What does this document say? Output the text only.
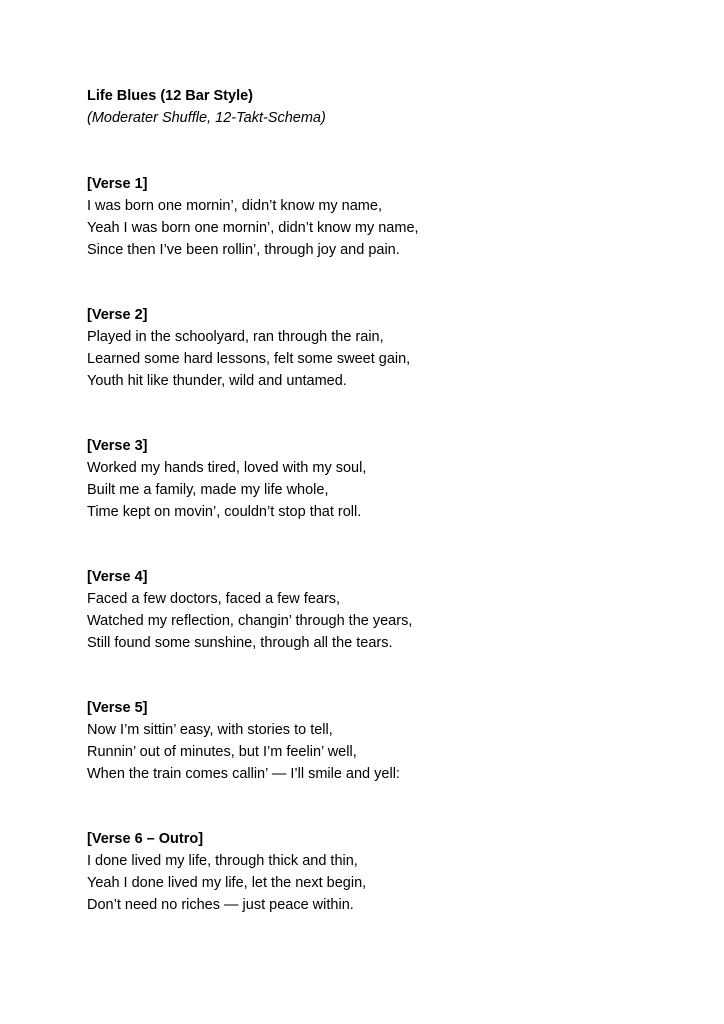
Life Blues (12 Bar Style)

(Moderater Shuffle, 12-Takt-Schema)

[Verse 1]

I was born one mornin’, didn’t know my name,

Yeah I was born one mornin’, didn’t know my name,

Since then I’ve been rollin’, through joy and pain.

[Verse 2]

Played in the schoolyard, ran through the rain,

Learned some hard lessons, felt some sweet gain,

Youth hit like thunder, wild and untamed.

[Verse 3]

Worked my hands tired, loved with my soul,

Built me a family, made my life whole,

Time kept on movin’, couldn’t stop that roll.

[Verse 4]

Faced a few doctors, faced a few fears,

Watched my reflection, changin’ through the years,

Still found some sunshine, through all the tears.

[Verse 5]

Now I’m sittin’ easy, with stories to tell,

Runnin’ out of minutes, but I’m feelin’ well,

When the train comes callin’ — I’ll smile and yell:

[Verse 6 – Outro]

I done lived my life, through thick and thin,

Yeah I done lived my life, let the next begin,

Don’t need no riches — just peace within.
